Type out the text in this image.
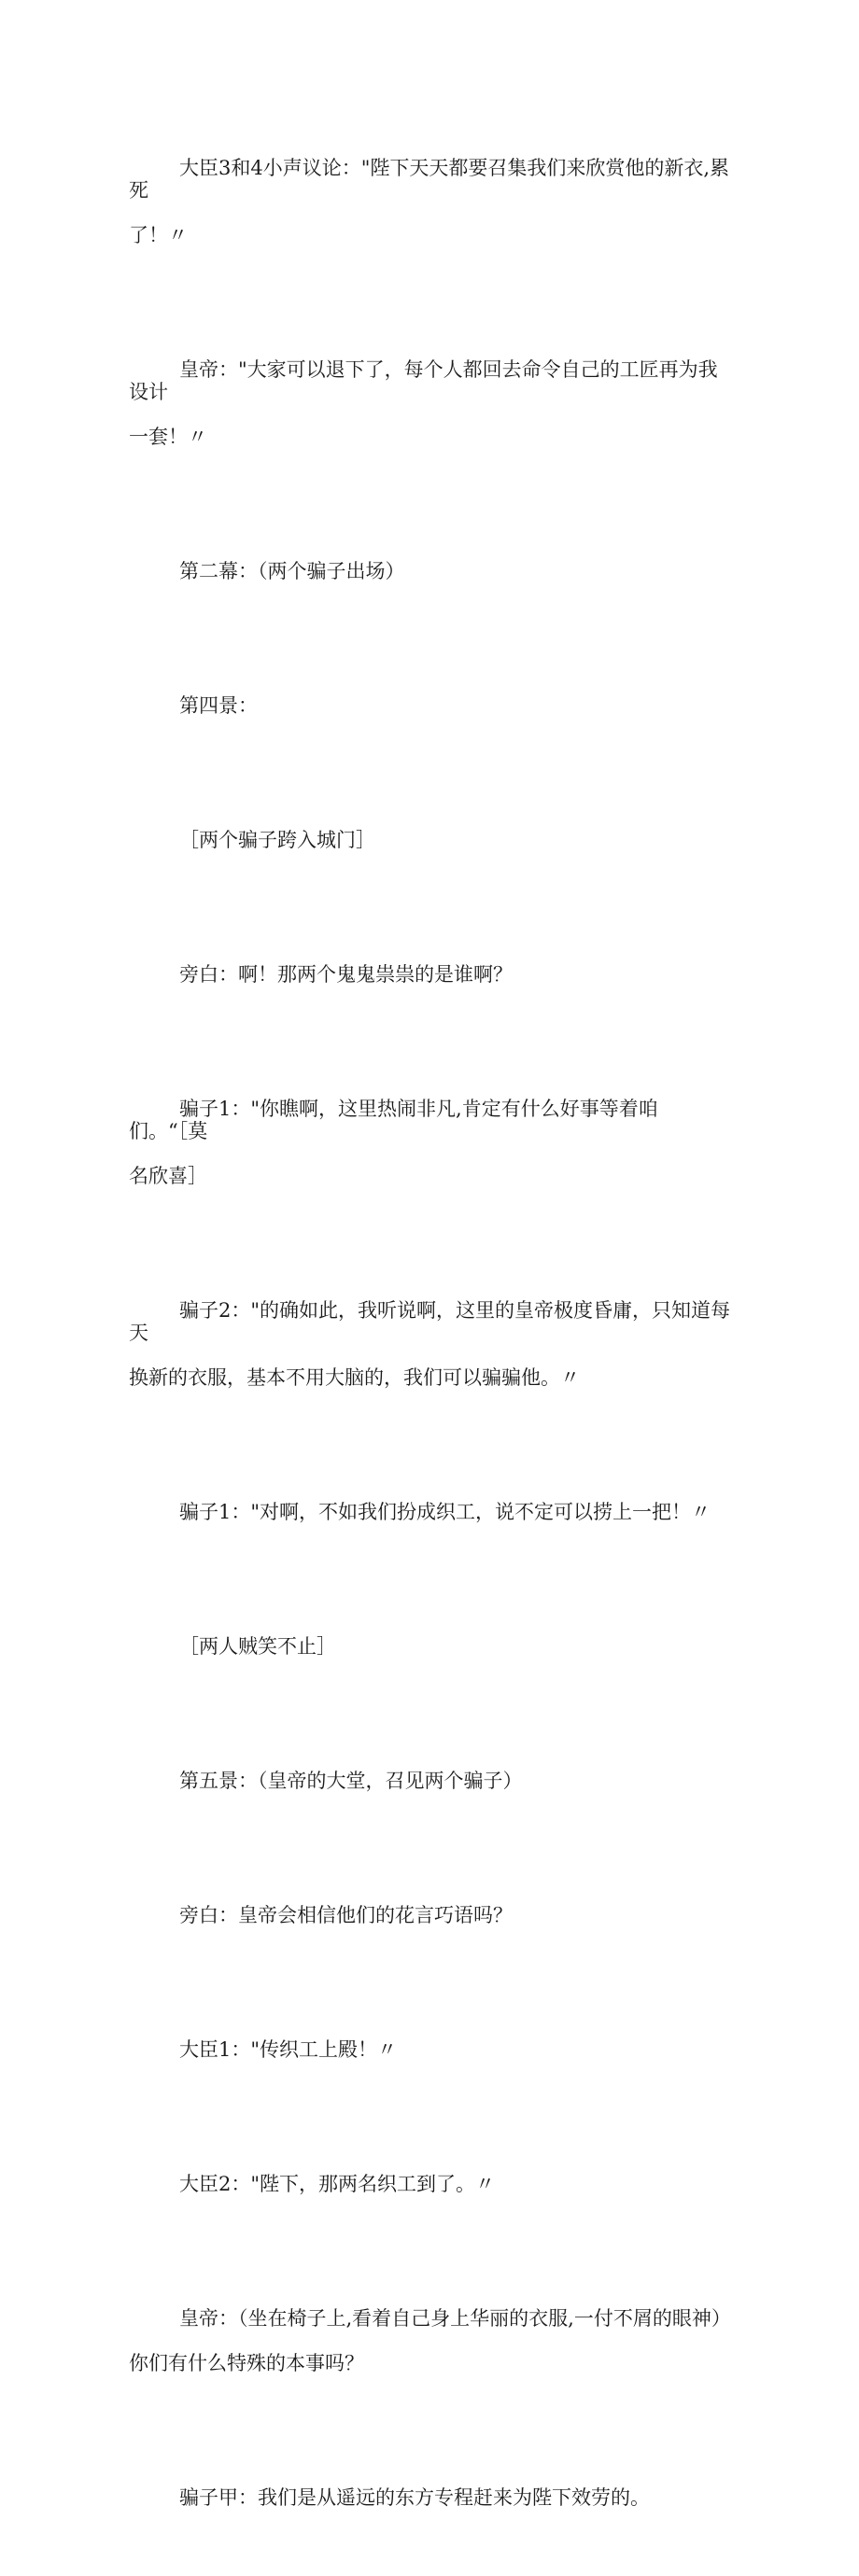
大臣3和4小声议论："陛下天天都要召集我们来欣赏他的新衣,累死
了！〃

皇帝："大家可以退下了，每个人都回去命令自己的工匠再为我设计
一套！〃

第二幕：（两个骗子出场）

第四景：

［两个骗子跨入城门］

旁白：啊！那两个鬼鬼祟祟的是谁啊？

骗子1："你瞧啊，这里热闹非凡,肯定有什么好事等着咱们。“［莫
名欣喜］

骗子2："的确如此，我听说啊，这里的皇帝极度昏庸，只知道每天
换新的衣服，基本不用大脑的，我们可以骗骗他。〃

骗子1："对啊，不如我们扮成织工，说不定可以捞上一把！〃

［两人贼笑不止］

第五景：（皇帝的大堂，召见两个骗子）

旁白：皇帝会相信他们的花言巧语吗？

大臣1："传织工上殿！〃

大臣2："陛下，那两名织工到了。〃

皇帝：（坐在椅子上,看着自己身上华丽的衣服,一付不屑的眼神）
你们有什么特殊的本事吗？

骗子甲：我们是从遥远的东方专程赶来为陛下效劳的。
